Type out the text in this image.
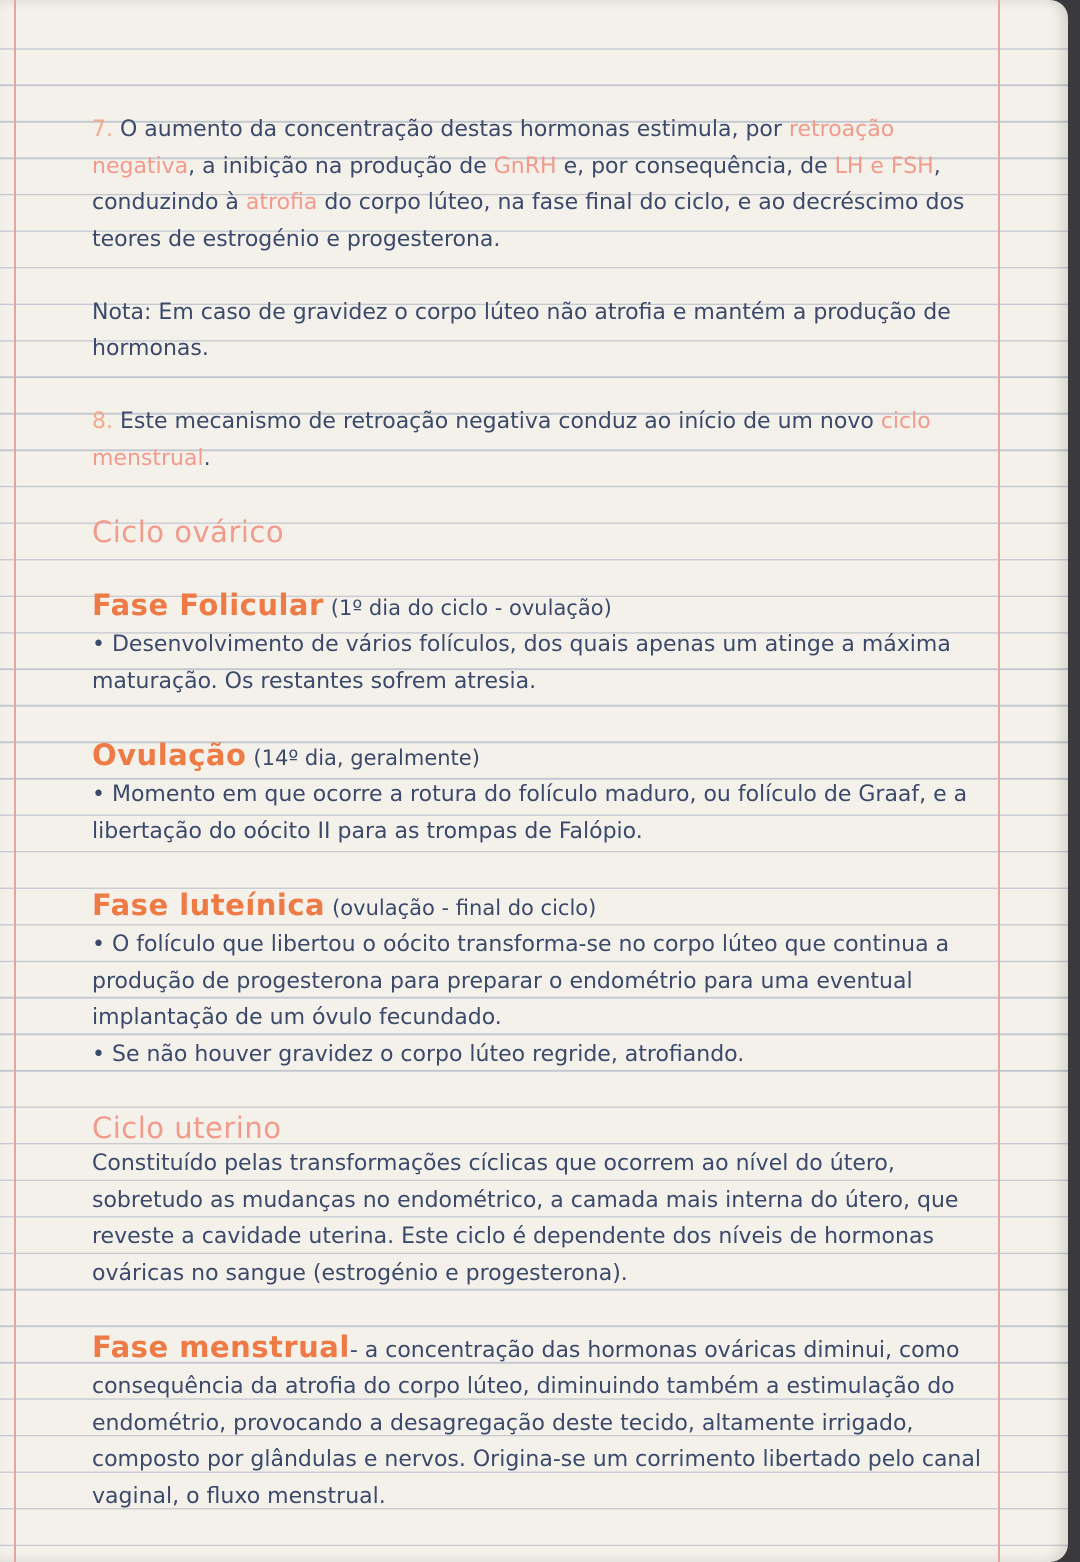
7. O aumento da concentração destas hormonas estimula, por retroação negativa, a inibição na produção de GnRH e, por consequência, de LH e FSH, conduzindo à atrofia do corpo lúteo, na fase final do ciclo, e ao decréscimo dos teores de estrogénio e progesterona.

Nota: Em caso de gravidez o corpo lúteo não atrofia e mantém a produção de hormonas.

8. Este mecanismo de retroação negativa conduz ao início de um novo ciclo menstrual.

Ciclo ovárico

Fase Folicular (1º dia do ciclo - ovulação)

• Desenvolvimento de vários folículos, dos quais apenas um atinge a máxima maturação. Os restantes sofrem atresia.

Ovulação (14º dia, geralmente)

• Momento em que ocorre a rotura do folículo maduro, ou folículo de Graaf, e a libertação do oócito II para as trompas de Falópio.

Fase luteínica (ovulação - final do ciclo)

• O folículo que libertou o oócito transforma-se no corpo lúteo que continua a produção de progesterona para preparar o endométrio para uma eventual implantação de um óvulo fecundado.

• Se não houver gravidez o corpo lúteo regride, atrofiando.

Ciclo uterino

Constituído pelas transformações cíclicas que ocorrem ao nível do útero, sobretudo as mudanças no endométrico, a camada mais interna do útero, que reveste a cavidade uterina. Este ciclo é dependente dos níveis de hormonas ováricas no sangue (estrogénio e progesterona).

Fase menstrual- a concentração das hormonas ováricas diminui, como consequência da atrofia do corpo lúteo, diminuindo também a estimulação do endométrio, provocando a desagregação deste tecido, altamente irrigado, composto por glândulas e nervos. Origina-se um corrimento libertado pelo canal vaginal, o fluxo menstrual.
